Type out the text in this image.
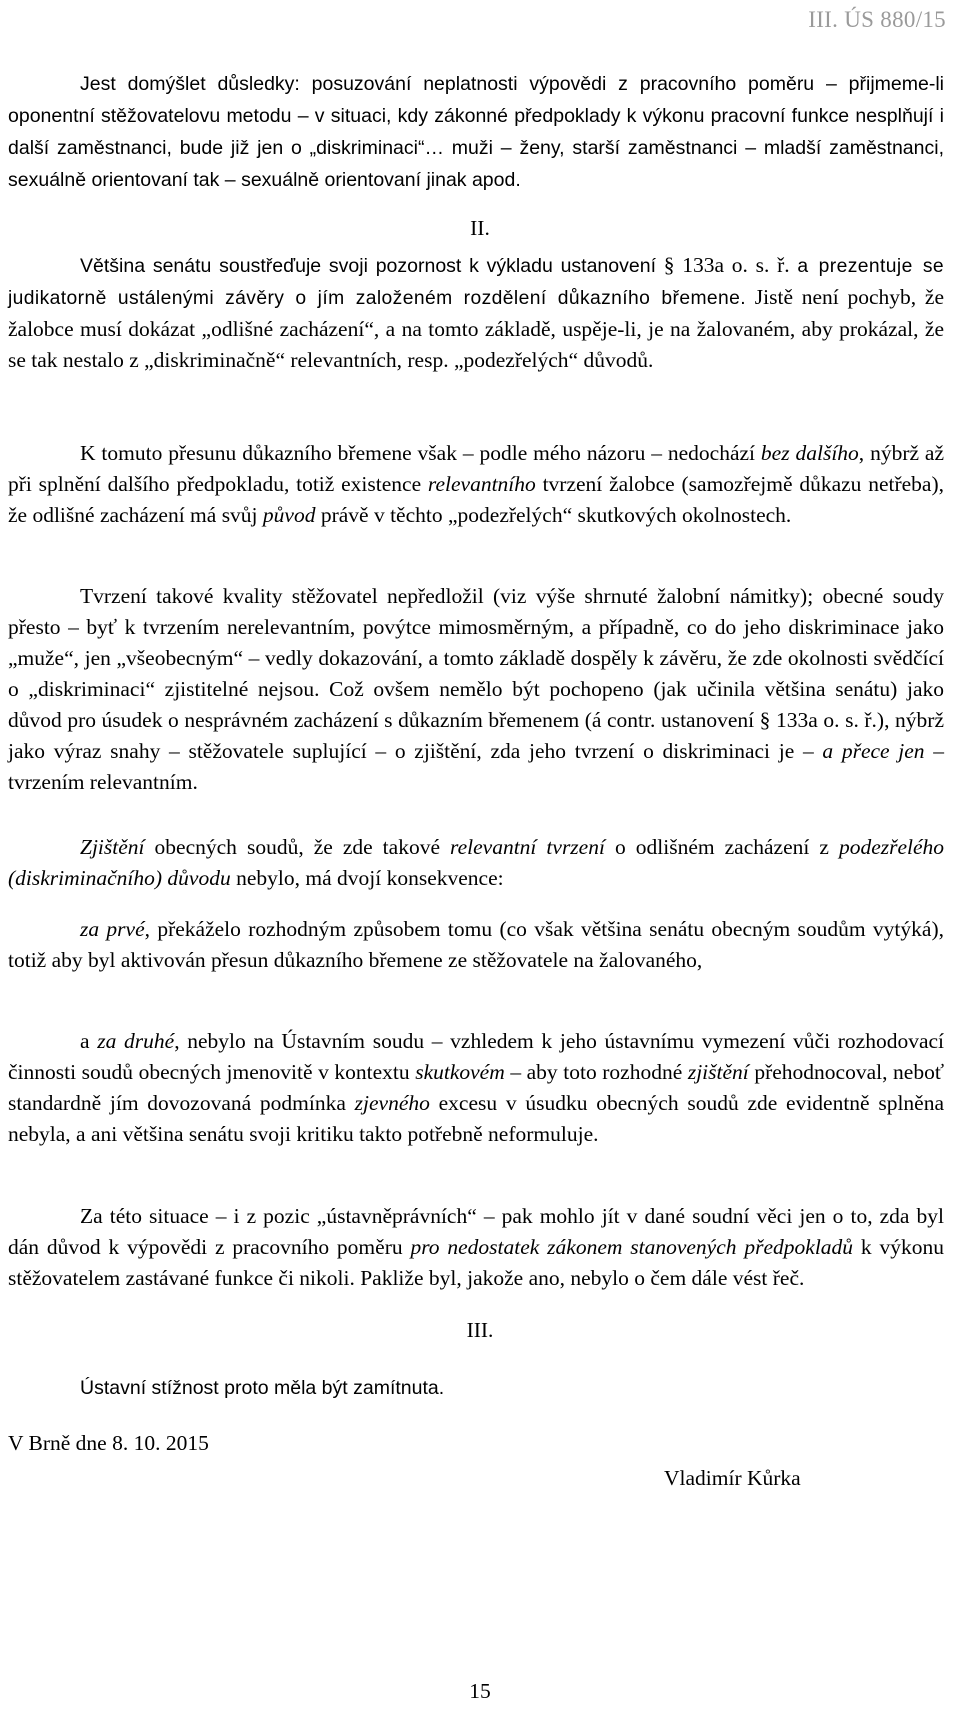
III. ÚS 880/15

Jest domýšlet důsledky: posuzování neplatnosti výpovědi z pracovního poměru – přijmeme-li oponentní stěžovatelovu metodu – v situaci, kdy zákonné předpoklady k výkonu pracovní funkce nesplňují i další zaměstnanci, bude již jen o „diskriminaci“… muži – ženy, starší zaměstnanci – mladší zaměstnanci, sexuálně orientovaní tak – sexuálně orientovaní jinak apod.

II.

Většina senátu soustřeďuje svoji pozornost k výkladu ustanovení § 133a o. s. ř. a prezentuje se judikatorně ustálenými závěry o jím založeném rozdělení důkazního břemene. Jistě není pochyb, že žalobce musí dokázat „odlišné zacházení“, a na tomto základě, uspěje-li, je na žalovaném, aby prokázal, že se tak nestalo z „diskriminačně“ relevantních, resp. „podezřelých“ důvodů.

K tomuto přesunu důkazního břemene však – podle mého názoru – nedochází bez dalšího, nýbrž až při splnění dalšího předpokladu, totiž existence relevantního tvrzení žalobce (samozřejmě důkazu netřeba), že odlišné zacházení má svůj původ právě v těchto „podezřelých“ skutkových okolnostech.

Tvrzení takové kvality stěžovatel nepředložil (viz výše shrnuté žalobní námitky); obecné soudy přesto – byť k tvrzením nerelevantním, povýtce mimosměrným, a případně, co do jeho diskriminace jako „muže“, jen „všeobecným“ – vedly dokazování, a tomto základě dospěly k závěru, že zde okolnosti svědčící o „diskriminaci“ zjistitelné nejsou. Což ovšem nemělo být pochopeno (jak učinila většina senátu) jako důvod pro úsudek o nesprávném zacházení s důkazním břemenem (á contr. ustanovení § 133a o. s. ř.), nýbrž jako výraz snahy – stěžovatele suplující – o zjištění, zda jeho tvrzení o diskriminaci je – a přece jen – tvrzením relevantním.

Zjištění obecných soudů, že zde takové relevantní tvrzení o odlišném zacházení z podezřelého (diskriminačního) důvodu nebylo, má dvojí konsekvence:

za prvé, překáželo rozhodným způsobem tomu (co však většina senátu obecným soudům vytýká), totiž aby byl aktivován přesun důkazního břemene ze stěžovatele na žalovaného,

a za druhé, nebylo na Ústavním soudu – vzhledem k jeho ústavnímu vymezení vůči rozhodovací činnosti soudů obecných jmenovitě v kontextu skutkovém – aby toto rozhodné zjištění přehodnocoval, neboť standardně jím dovozovaná podmínka zjevného excesu v úsudku obecných soudů zde evidentně splněna nebyla, a ani většina senátu svoji kritiku takto potřebně neformuluje.

Za této situace – i z pozic „ústavněprávních“ – pak mohlo jít v dané soudní věci jen o to, zda byl dán důvod k výpovědi z pracovního poměru pro nedostatek zákonem stanovených předpokladů k výkonu stěžovatelem zastávané funkce či nikoli. Pakliže byl, jakože ano, nebylo o čem dále vést řeč.

III.
Ústavní stížnost proto měla být zamítnuta.
V Brně dne 8. 10. 2015
Vladimír Kůrka
15
